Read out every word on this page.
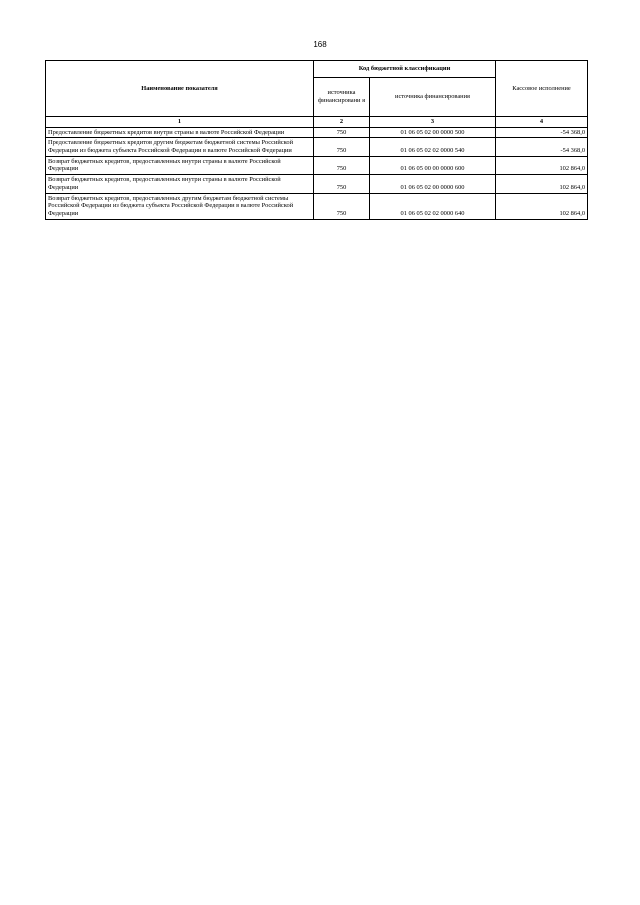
168
Наименование показателя	Код бюджетной классификации		Кассовое исполнение
	источника финансировани я	источника финансирования	
1	2	3	4
Предоставление бюджетных кредитов внутри страны в валюте Российской Федерации	750	01 06 05 02 00 0000 500	-54 368,0
Предоставление бюджетных кредитов другим бюджетам бюджетной системы Российской Федерации из бюджета субъекта Российской Федерации в валюте Российской Федерации	750	01 06 05 02 02 0000 540	-54 368,0
Возврат бюджетных кредитов, предоставленных внутри страны в валюте Российской Федерации	750	01 06 05 00 00 0000 600	102 864,0
Возврат бюджетных кредитов, предоставленных внутри страны в валюте Российской Федерации	750	01 06 05 02 00 0000 600	102 864,0
Возврат бюджетных кредитов, предоставленных другим бюджетам бюджетной системы Российской Федерации из бюджета субъекта Российской Федерации в валюте Российской Федерации	750	01 06 05 02 02 0000 640	102 864,0
